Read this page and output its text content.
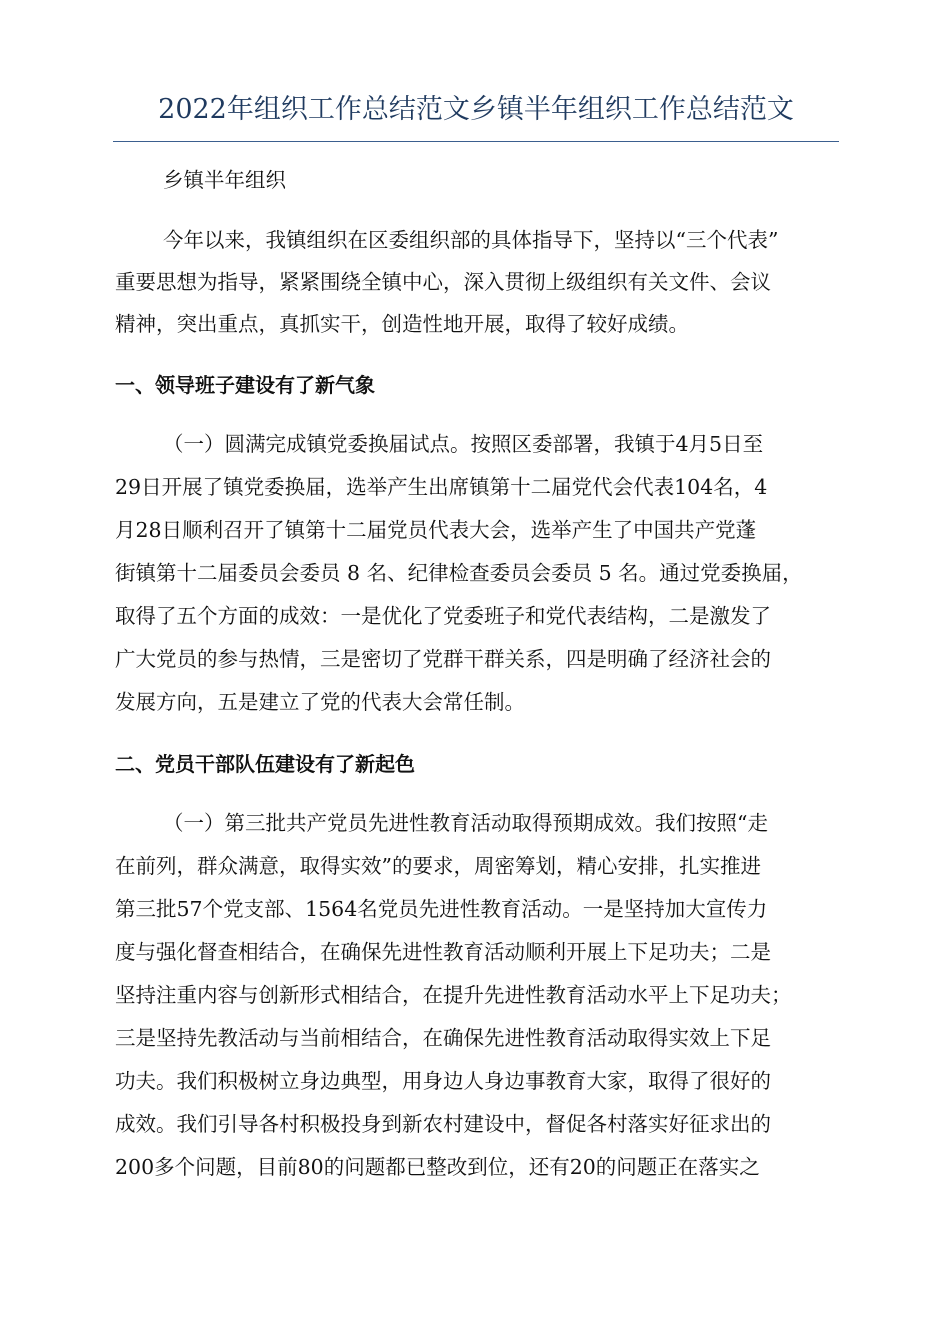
2022年组织工作总结范文乡镇半年组织工作总结范文
乡镇半年组织
今年以来，我镇组织在区委组织部的具体指导下，坚持以“三个代表”
重要思想为指导，紧紧围绕全镇中心，深入贯彻上级组织有关文件、会议
精神，突出重点，真抓实干，创造性地开展，取得了较好成绩。
一、领导班子建设有了新气象
（一）圆满完成镇党委换届试点。按照区委部署，我镇于4月5日至
29日开展了镇党委换届，选举产生出席镇第十二届党代会代表104名，4
月28日顺利召开了镇第十二届党员代表大会，选举产生了中国共产党蓬
街镇第十二届委员会委员 8 名、纪律检查委员会委员 5 名。通过党委换届，
取得了五个方面的成效：一是优化了党委班子和党代表结构，二是激发了
广大党员的参与热情，三是密切了党群干群关系，四是明确了经济社会的
发展方向，五是建立了党的代表大会常任制。
二、党员干部队伍建设有了新起色
（一）第三批共产党员先进性教育活动取得预期成效。我们按照“走
在前列，群众满意，取得实效”的要求，周密筹划，精心安排，扎实推进
第三批57个党支部、1564名党员先进性教育活动。一是坚持加大宣传力
度与强化督查相结合，在确保先进性教育活动顺利开展上下足功夫；二是
坚持注重内容与创新形式相结合，在提升先进性教育活动水平上下足功夫；
三是坚持先教活动与当前相结合，在确保先进性教育活动取得实效上下足
功夫。我们积极树立身边典型，用身边人身边事教育大家，取得了很好的
成效。我们引导各村积极投身到新农村建设中，督促各村落实好征求出的
200多个问题，目前80的问题都已整改到位，还有20的问题正在落实之
